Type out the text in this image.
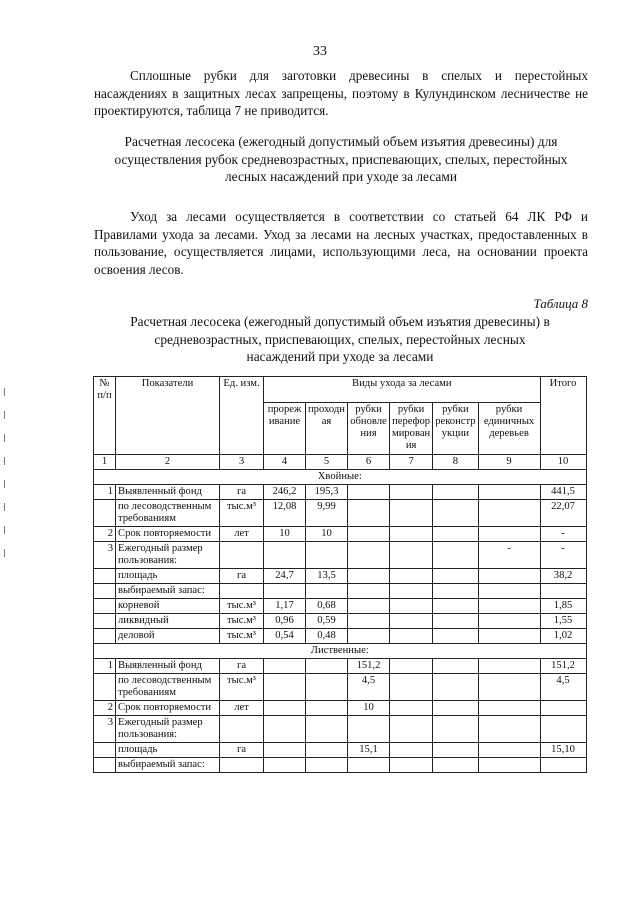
33
Сплошные рубки для заготовки древесины в спелых и перестойных насаждениях в защитных лесах запрещены, поэтому в Кулундинском лесничестве не проектируются, таблица 7 не приводится.
Расчетная лесосека (ежегодный допустимый объем изъятия древесины) для осуществления рубок средневозрастных, приспевающих, спелых, перестойных лесных насаждений при уходе за лесами
Уход за лесами осуществляется в соответствии со статьей 64 ЛК РФ и Правилами ухода за лесами. Уход за лесами на лесных участках, предоставленных в пользование, осуществляется лицами, использующими леса, на основании проекта освоения лесов.
Таблица 8
Расчетная лесосека (ежегодный допустимый объем изъятия древесины) в средневозрастных, приспевающих, спелых, перестойных лесных насаждений при уходе за лесами
№ п/п	Показатели	Ед. изм.	Виды ухода за лесами						Итого
			прореж ивание	проходн ая	рубки обновле ния	рубки перефор мирован ия	рубки реконстр укции	рубки единичных деревьев	
1	2	3	4	5	6	7	8	9	10
Хвойные:									
1	Выявленный фонд	га	246,2	195,3					441,5
	по лесоводственным требованиям	тыс.м³	12,08	9,99					22,07
2	Срок повторяемости	лет	10	10					-
3	Ежегодный размер пользования:							-	-
	площадь	га	24,7	13,5					38,2
	выбираемый запас:								
	корневой	тыс.м³	1,17	0,68					1,85
	ликвидный	тыс.м³	0,96	0,59					1,55
	деловой	тыс.м³	0,54	0,48					1,02
Лиственные:									
1	Выявленный фонд	га			151,2				151,2
	по лесоводственным требованиям	тыс.м³			4,5				4,5
2	Срок повторяемости	лет			10				
3	Ежегодный размер пользования:								
	площадь	га			15,1				15,10
	выбираемый запас:								
